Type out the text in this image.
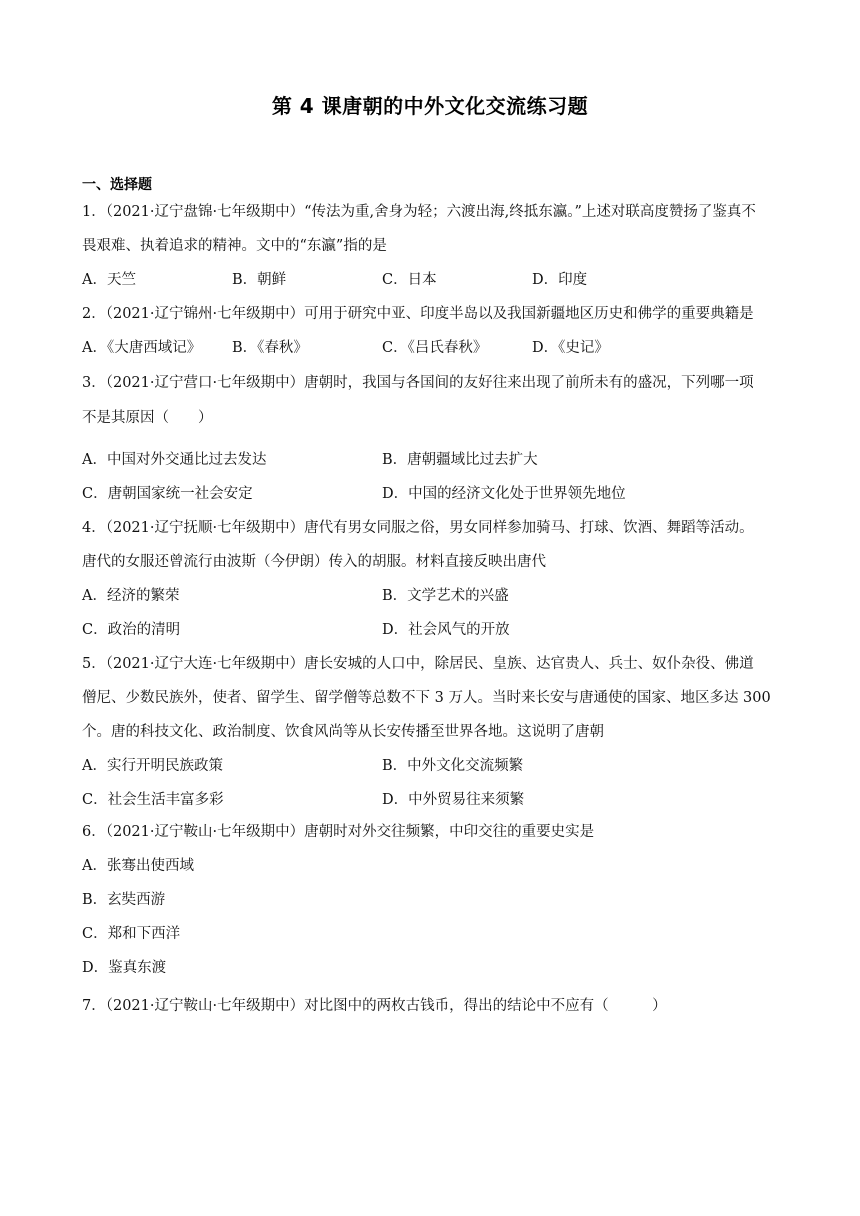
第 4 课唐朝的中外文化交流练习题
一、选择题
1．（2021·辽宁盘锦·七年级期中）“传法为重,舍身为轻；六渡出海,终抵东瀛。”上述对联高度赞扬了鉴真不
畏艰难、执着追求的精神。文中的“东瀛”指的是
A．天竺	B．朝鲜	C．日本	D．印度
2．（2021·辽宁锦州·七年级期中）可用于研究中亚、印度半岛以及我国新疆地区历史和佛学的重要典籍是
A．《大唐西域记》 B．《春秋》	C．《吕氏春秋》	D．《史记》
3．（2021·辽宁营口·七年级期中）唐朝时，我国与各国间的友好往来出现了前所未有的盛况，下列哪一项
不是其原因（　　）
A．中国对外交通比过去发达	B．唐朝疆域比过去扩大
C．唐朝国家统一社会安定	D．中国的经济文化处于世界领先地位
4．（2021·辽宁抚顺·七年级期中）唐代有男女同服之俗，男女同样参加骑马、打球、饮酒、舞蹈等活动。
唐代的女服还曾流行由波斯（今伊朗）传入的胡服。材料直接反映出唐代
A．经济的繁荣	B．文学艺术的兴盛
C．政治的清明	D．社会风气的开放
5．（2021·辽宁大连·七年级期中）唐长安城的人口中，除居民、皇族、达官贵人、兵士、奴仆杂役、佛道
僧尼、少数民族外，使者、留学生、留学僧等总数不下 3 万人。当时来长安与唐通使的国家、地区多达 300
个。唐的科技文化、政治制度、饮食风尚等从长安传播至世界各地。这说明了唐朝
A．实行开明民族政策	B．中外文化交流频繁
C．社会生活丰富多彩	D．中外贸易往来须繁
6．（2021·辽宁鞍山·七年级期中）唐朝时对外交往频繁，中印交往的重要史实是
A．张骞出使西域
B．玄奘西游
C．郑和下西洋
D．鉴真东渡
7．（2021·辽宁鞍山·七年级期中）对比图中的两枚古钱币，得出的结论中不应有（　　　）
